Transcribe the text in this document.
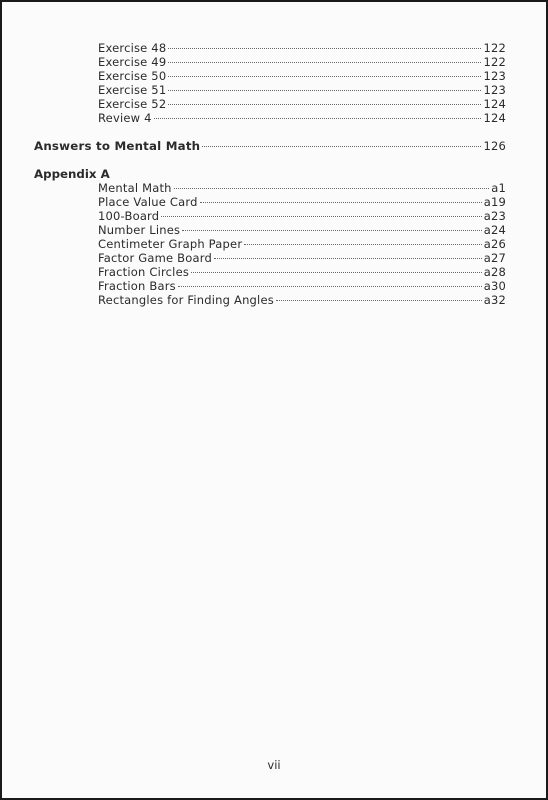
Exercise 48	122
Exercise 49	122
Exercise 50	123
Exercise 51	123
Exercise 52	124
Review 4	124
Answers to Mental Math	126
Appendix A
Mental Math	a1
Place Value Card	a19
100-Board	a23
Number Lines	a24
Centimeter Graph Paper	a26
Factor Game Board	a27
Fraction Circles	a28
Fraction Bars	a30
Rectangles for Finding Angles	a32
vii
